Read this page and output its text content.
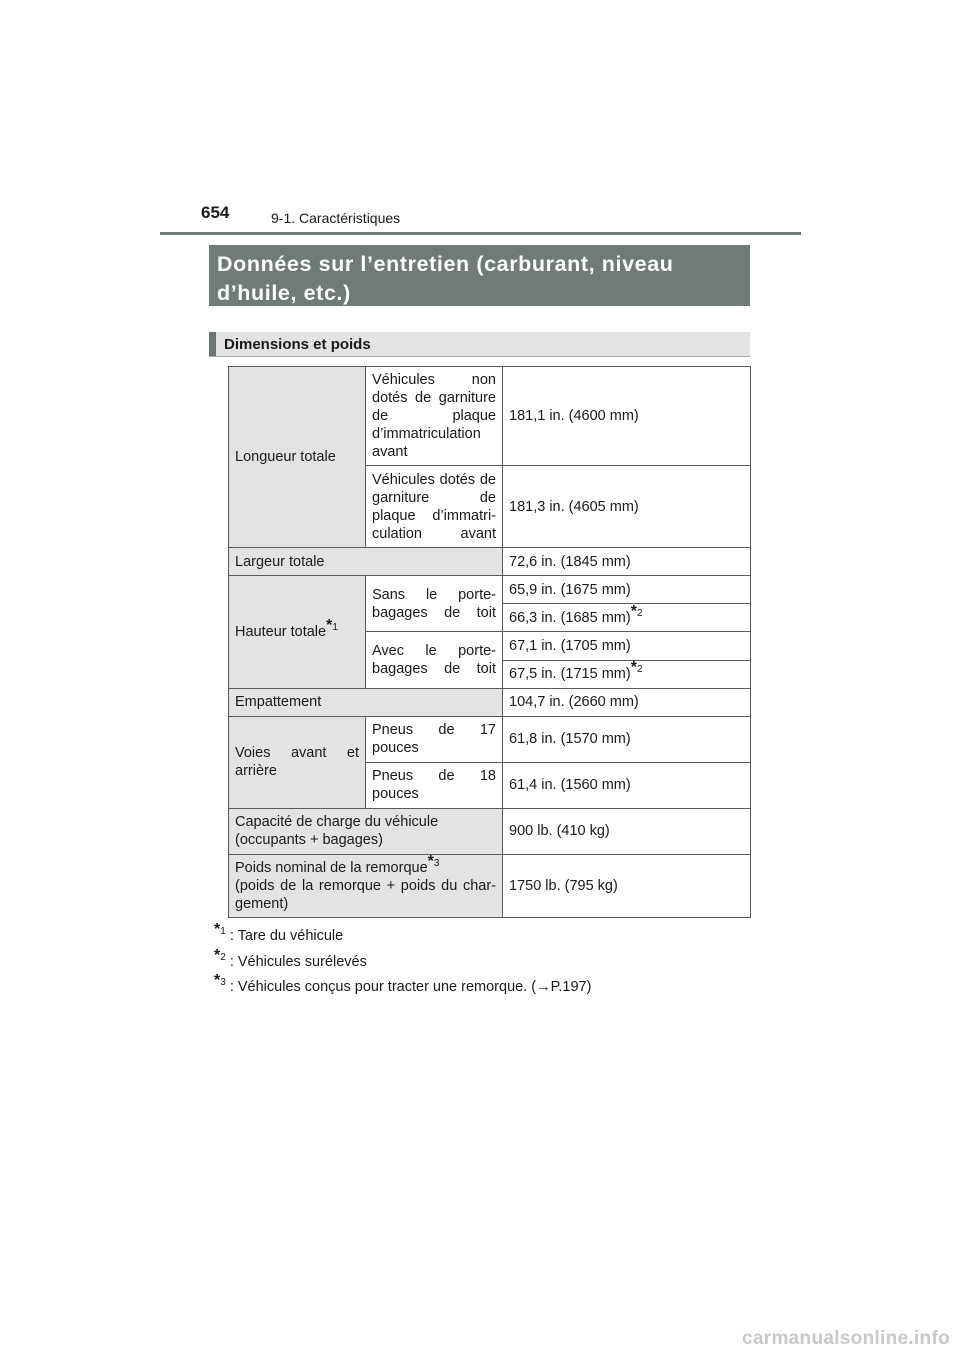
654	9-1. Caractéristiques
Données sur l’entretien (carburant, niveau d’huile, etc.)
Dimensions et poids
Longueur totale	Véhicules non dotés de garniture de plaque d’immatriculation avant	181,1 in. (4600 mm)
	Véhicules dotés de garniture de plaque d’immatri-culation avant	181,3 in. (4605 mm)
Largeur totale		72,6 in. (1845 mm)
Hauteur totale$^{*1}$	Sans le porte-bagages de toit	65,9 in. (1675 mm)
		66,3 in. (1685 mm)$^{*2}$
	Avec le porte-bagages de toit	67,1 in. (1705 mm)
		67,5 in. (1715 mm)$^{*2}$
Empattement		104,7 in. (2660 mm)
Voies avant et arrière	Pneus de 17 pouces	61,8 in. (1570 mm)
	Pneus de 18 pouces	61,4 in. (1560 mm)

Capacité de charge du véhicule
(occupants + bagages)		900 lb. (410 kg)

Poids nominal de la remorque$^{*3}$
(poids de la remorque + poids du char-gement)		1750 lb. (795 kg)
$^{*1}$ : Tare du véhicule
$^{*2}$ : Véhicules surélevés
$^{*3}$ : Véhicules conçus pour tracter une remorque. (→P.197)
carmanualsonline.info
